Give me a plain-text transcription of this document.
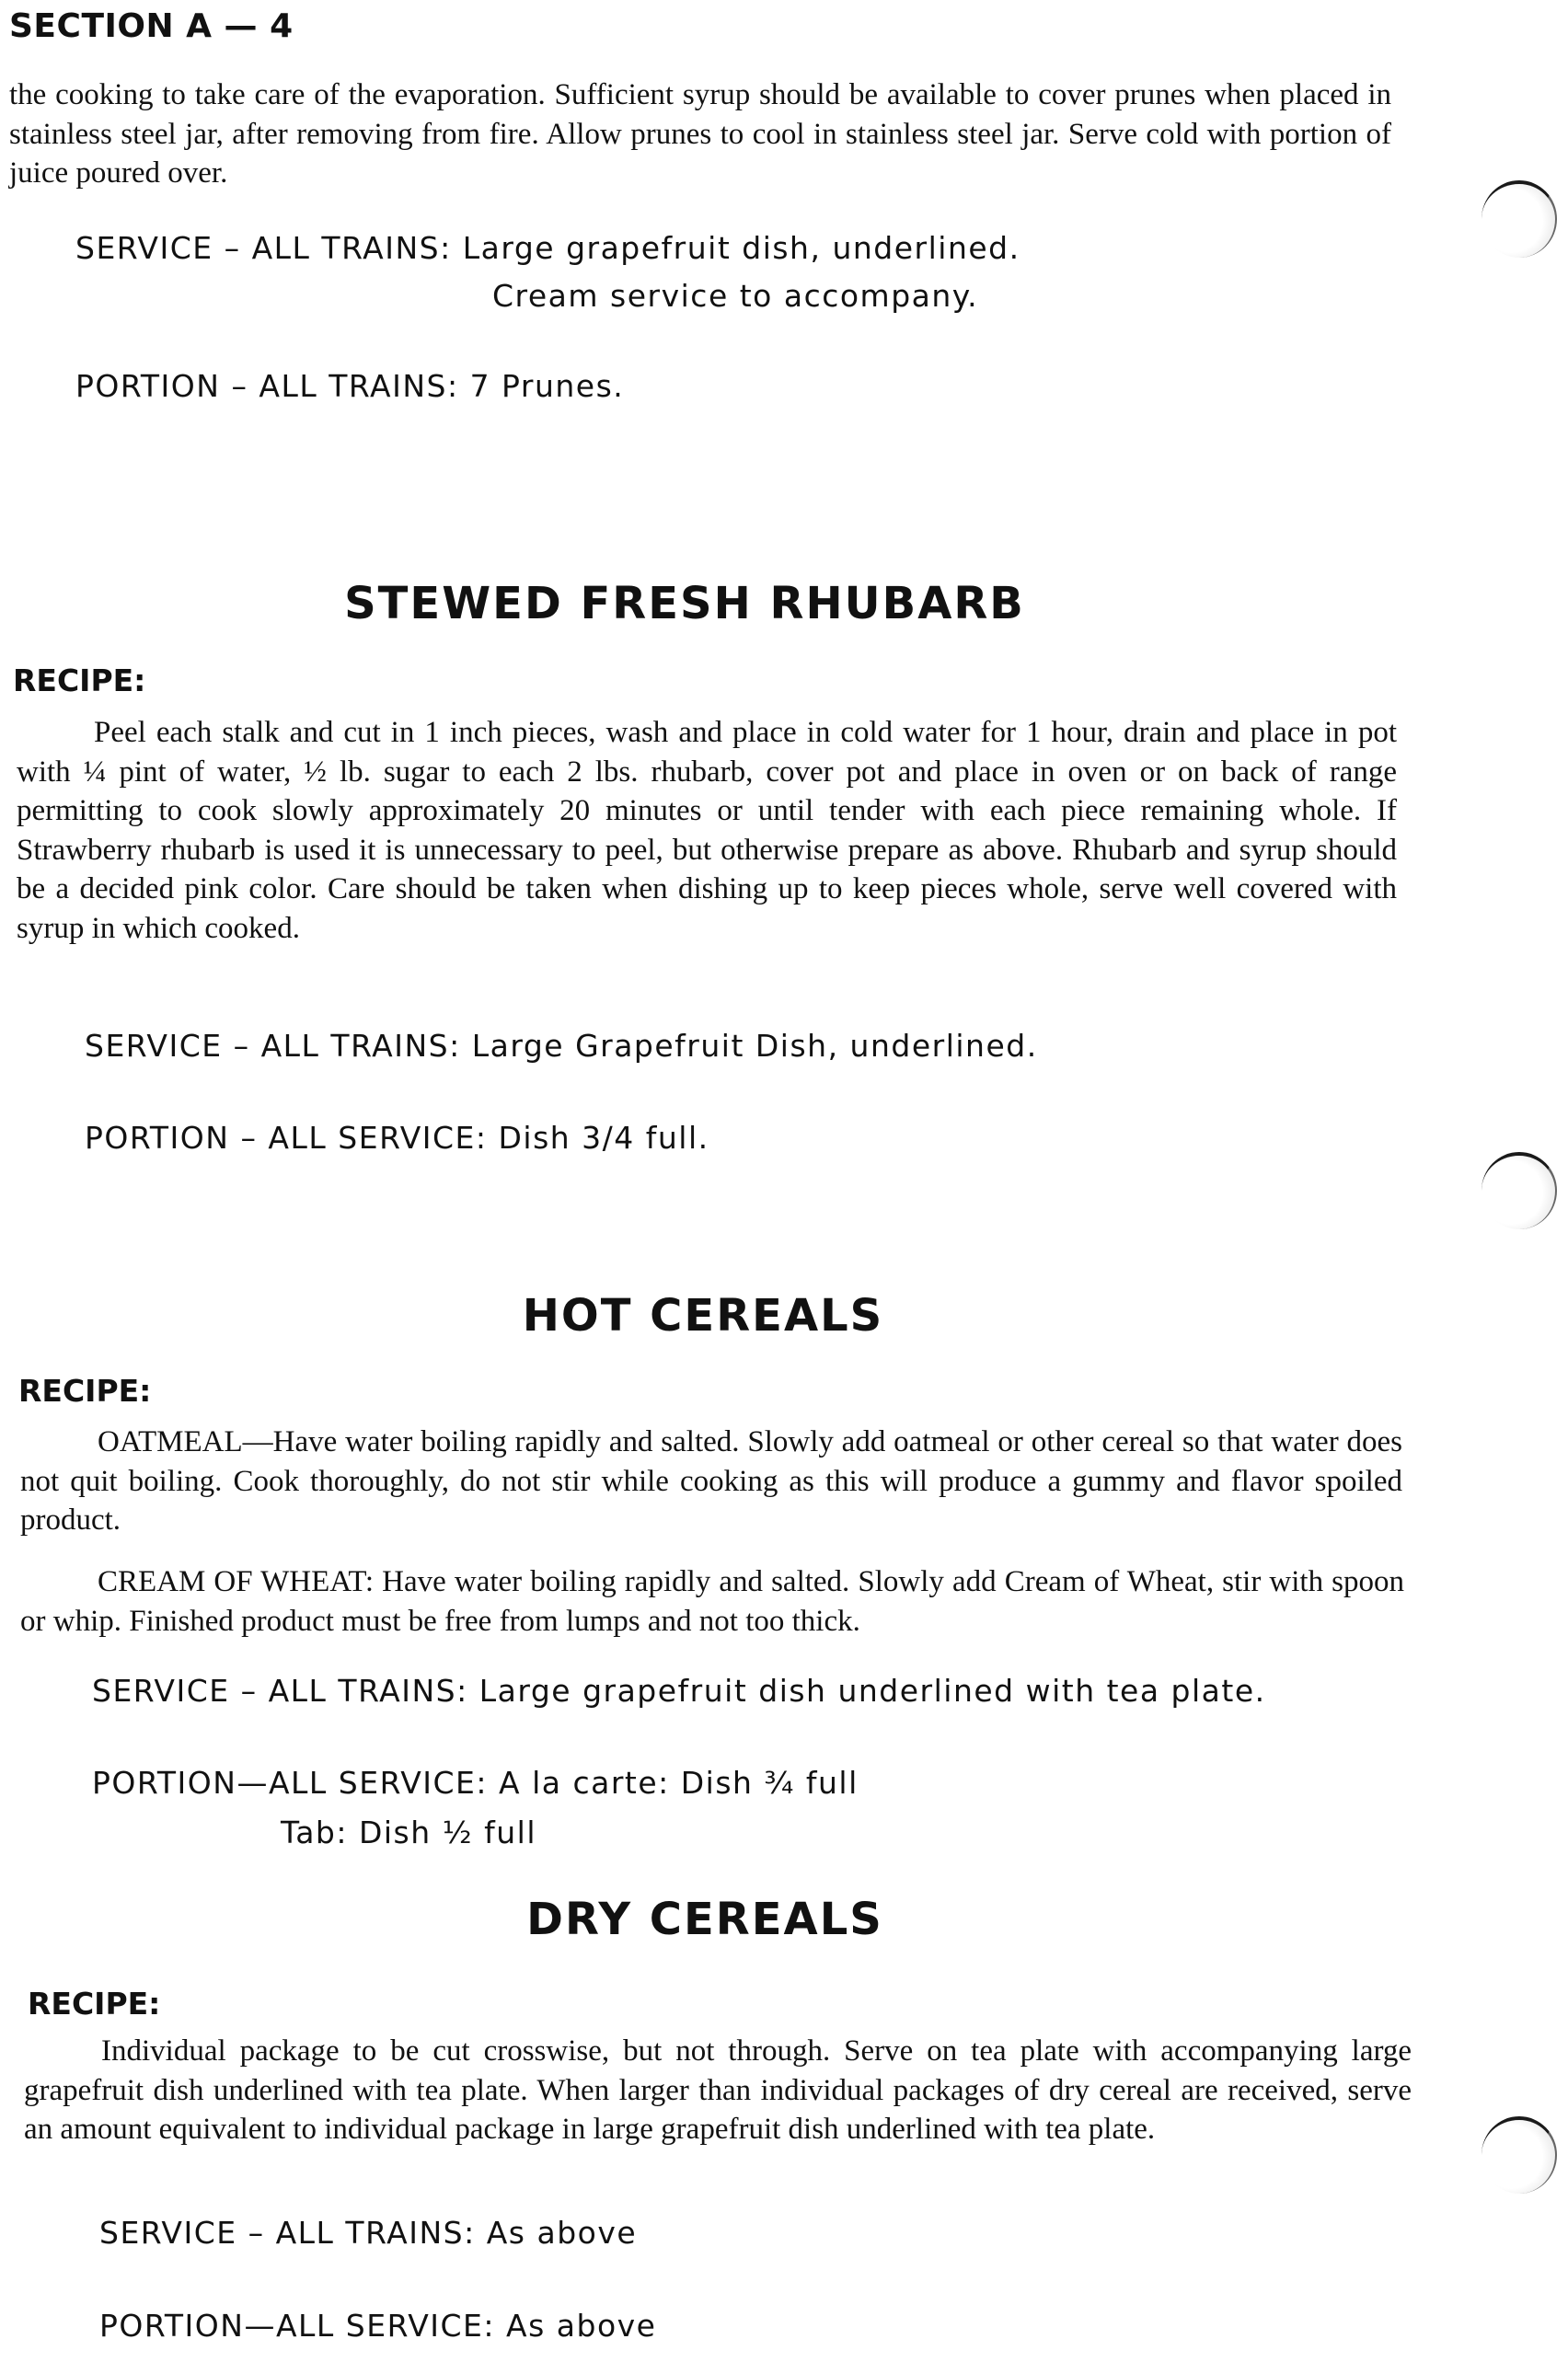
SECTION A — 4
the cooking to take care of the evaporation. Sufficient syrup should be available to cover prunes when placed in stainless steel jar, after removing from fire. Allow prunes to cool in stainless steel jar. Serve cold with portion of juice poured over.
SERVICE – ALL TRAINS: Large grapefruit dish, underlined.
Cream service to accompany.
PORTION – ALL TRAINS: 7 Prunes.
STEWED FRESH RHUBARB
RECIPE:
Peel each stalk and cut in 1 inch pieces, wash and place in cold water for 1 hour, drain and place in pot with ¼ pint of water, ½ lb. sugar to each 2 lbs. rhubarb, cover pot and place in oven or on back of range permitting to cook slowly approximately 20 minutes or until tender with each piece remaining whole. If Strawberry rhubarb is used it is unnecessary to peel, but otherwise prepare as above. Rhubarb and syrup should be a decided pink color. Care should be taken when dishing up to keep pieces whole, serve well covered with syrup in which cooked.
SERVICE – ALL TRAINS: Large Grapefruit Dish, underlined.
PORTION – ALL SERVICE: Dish 3/4 full.
HOT CEREALS
RECIPE:
OATMEAL—Have water boiling rapidly and salted. Slowly add oatmeal or other cereal so that water does not quit boiling. Cook thoroughly, do not stir while cooking as this will produce a gummy and flavor spoiled product.
CREAM OF WHEAT: Have water boiling rapidly and salted. Slowly add Cream of Wheat, stir with spoon or whip. Finished product must be free from lumps and not too thick.
SERVICE – ALL TRAINS: Large grapefruit dish underlined with tea plate.
PORTION—ALL SERVICE: A la carte: Dish ¾ full
Tab: Dish ½ full
DRY CEREALS
RECIPE:
Individual package to be cut crosswise, but not through. Serve on tea plate with accompanying large grapefruit dish underlined with tea plate. When larger than individual packages of dry cereal are received, serve an amount equivalent to individual package in large grapefruit dish underlined with tea plate.
SERVICE – ALL TRAINS: As above
PORTION—ALL SERVICE: As above
